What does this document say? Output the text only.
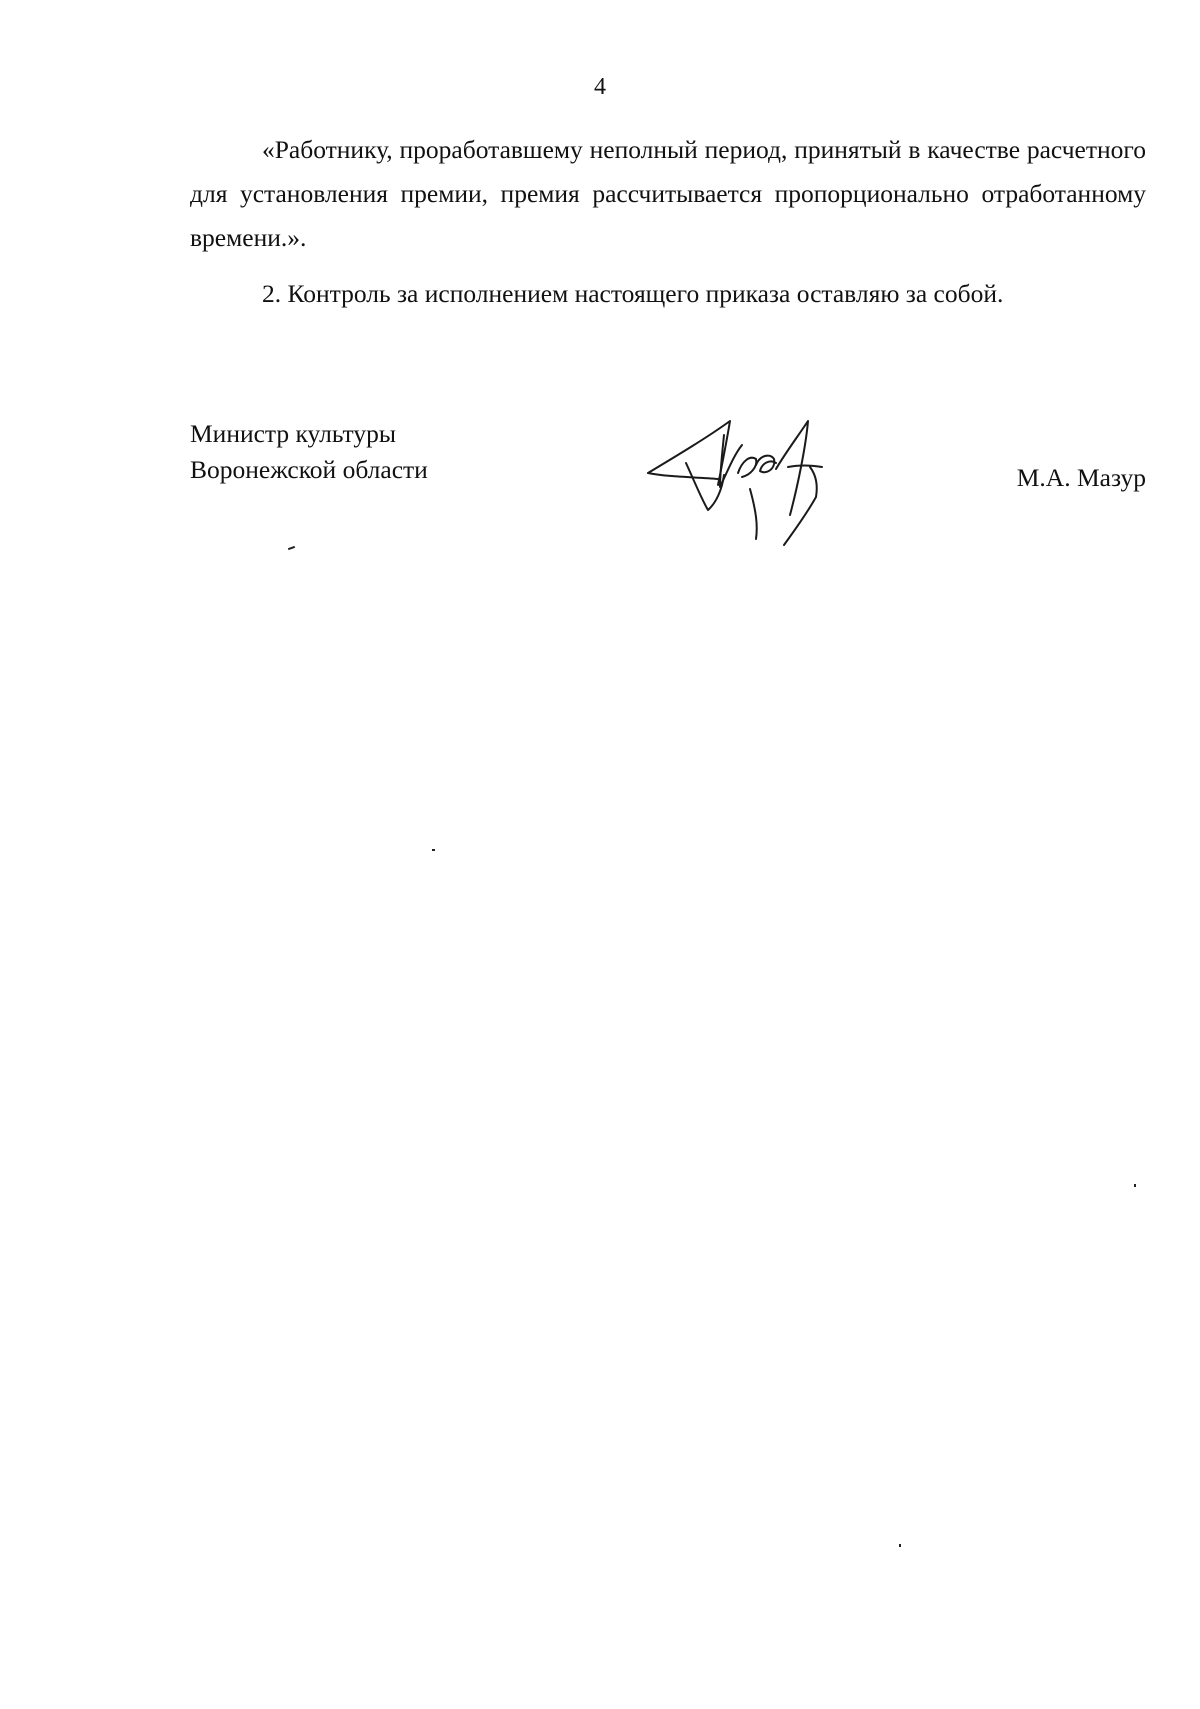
4

«Работнику, проработавшему неполный период, принятый в качестве расчетного для установления премии, премия рассчитывается пропорционально отработанному времени.».

2. Контроль за исполнением настоящего приказа оставляю за собой.

Министр культуры
Воронежской области	М.А. Мазур
